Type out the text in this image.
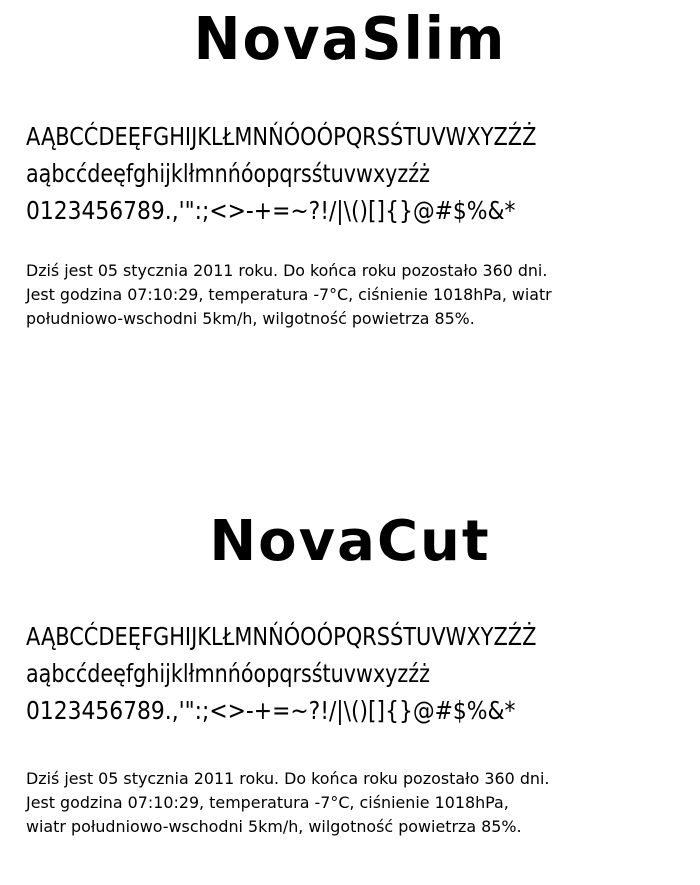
NovaSlim
AĄBCĆDEĘFGHIJKLŁMNŃÓOÓPQRSŚTUVWXYZŹŻ
aąbcćdeęfghijklłmnńóopqrsśtuvwxyzźż
0123456789.,'":;<>-+=~?!/|\()[]{}@#$%&*
Dziś jest 05 stycznia 2011 roku. Do końca roku pozostało 360 dni.
Jest godzina 07:10:29, temperatura -7°C, ciśnienie 1018hPa, wiatr
południowo-wschodni 5km/h, wilgotność powietrza 85%.
NovaCut
AĄBCĆDEĘFGHIJKLŁMNŃÓOÓPQRSŚTUVWXYZŹŻ
aąbcćdeęfghijklłmnńóopqrsśtuvwxyzźż
0123456789.,'":;<>-+=~?!/|\()[]{}@#$%&*
Dziś jest 05 stycznia 2011 roku. Do końca roku pozostało 360 dni.
Jest godzina 07:10:29, temperatura -7°C, ciśnienie 1018hPa,
wiatr południowo-wschodni 5km/h, wilgotność powietrza 85%.
